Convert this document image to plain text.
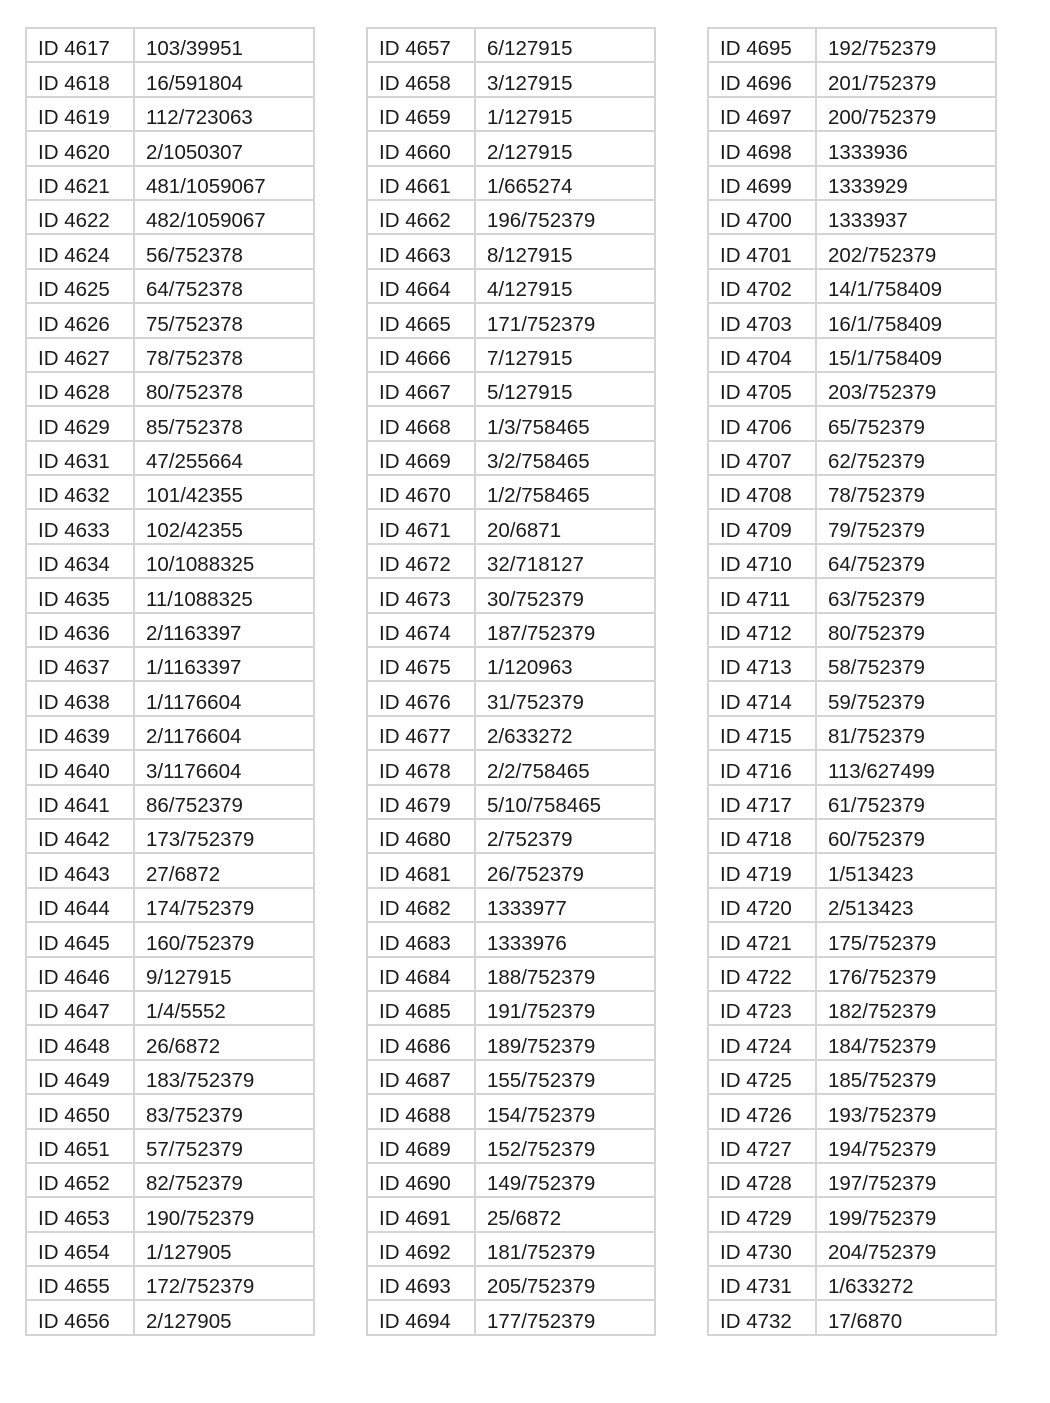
ID 4617	103/39951
ID 4618	16/591804
ID 4619	112/723063
ID 4620	2/1050307
ID 4621	481/1059067
ID 4622	482/1059067
ID 4624	56/752378
ID 4625	64/752378
ID 4626	75/752378
ID 4627	78/752378
ID 4628	80/752378
ID 4629	85/752378
ID 4631	47/255664
ID 4632	101/42355
ID 4633	102/42355
ID 4634	10/1088325
ID 4635	11/1088325
ID 4636	2/1163397
ID 4637	1/1163397
ID 4638	1/1176604
ID 4639	2/1176604
ID 4640	3/1176604
ID 4641	86/752379
ID 4642	173/752379
ID 4643	27/6872
ID 4644	174/752379
ID 4645	160/752379
ID 4646	9/127915
ID 4647	1/4/5552
ID 4648	26/6872
ID 4649	183/752379
ID 4650	83/752379
ID 4651	57/752379
ID 4652	82/752379
ID 4653	190/752379
ID 4654	1/127905
ID 4655	172/752379
ID 4656	2/127905
ID 4657	6/127915
ID 4658	3/127915
ID 4659	1/127915
ID 4660	2/127915
ID 4661	1/665274
ID 4662	196/752379
ID 4663	8/127915
ID 4664	4/127915
ID 4665	171/752379
ID 4666	7/127915
ID 4667	5/127915
ID 4668	1/3/758465
ID 4669	3/2/758465
ID 4670	1/2/758465
ID 4671	20/6871
ID 4672	32/718127
ID 4673	30/752379
ID 4674	187/752379
ID 4675	1/120963
ID 4676	31/752379
ID 4677	2/633272
ID 4678	2/2/758465
ID 4679	5/10/758465
ID 4680	2/752379
ID 4681	26/752379
ID 4682	1333977
ID 4683	1333976
ID 4684	188/752379
ID 4685	191/752379
ID 4686	189/752379
ID 4687	155/752379
ID 4688	154/752379
ID 4689	152/752379
ID 4690	149/752379
ID 4691	25/6872
ID 4692	181/752379
ID 4693	205/752379
ID 4694	177/752379
ID 4695	192/752379
ID 4696	201/752379
ID 4697	200/752379
ID 4698	1333936
ID 4699	1333929
ID 4700	1333937
ID 4701	202/752379
ID 4702	14/1/758409
ID 4703	16/1/758409
ID 4704	15/1/758409
ID 4705	203/752379
ID 4706	65/752379
ID 4707	62/752379
ID 4708	78/752379
ID 4709	79/752379
ID 4710	64/752379
ID 4711	63/752379
ID 4712	80/752379
ID 4713	58/752379
ID 4714	59/752379
ID 4715	81/752379
ID 4716	113/627499
ID 4717	61/752379
ID 4718	60/752379
ID 4719	1/513423
ID 4720	2/513423
ID 4721	175/752379
ID 4722	176/752379
ID 4723	182/752379
ID 4724	184/752379
ID 4725	185/752379
ID 4726	193/752379
ID 4727	194/752379
ID 4728	197/752379
ID 4729	199/752379
ID 4730	204/752379
ID 4731	1/633272
ID 4732	17/6870
